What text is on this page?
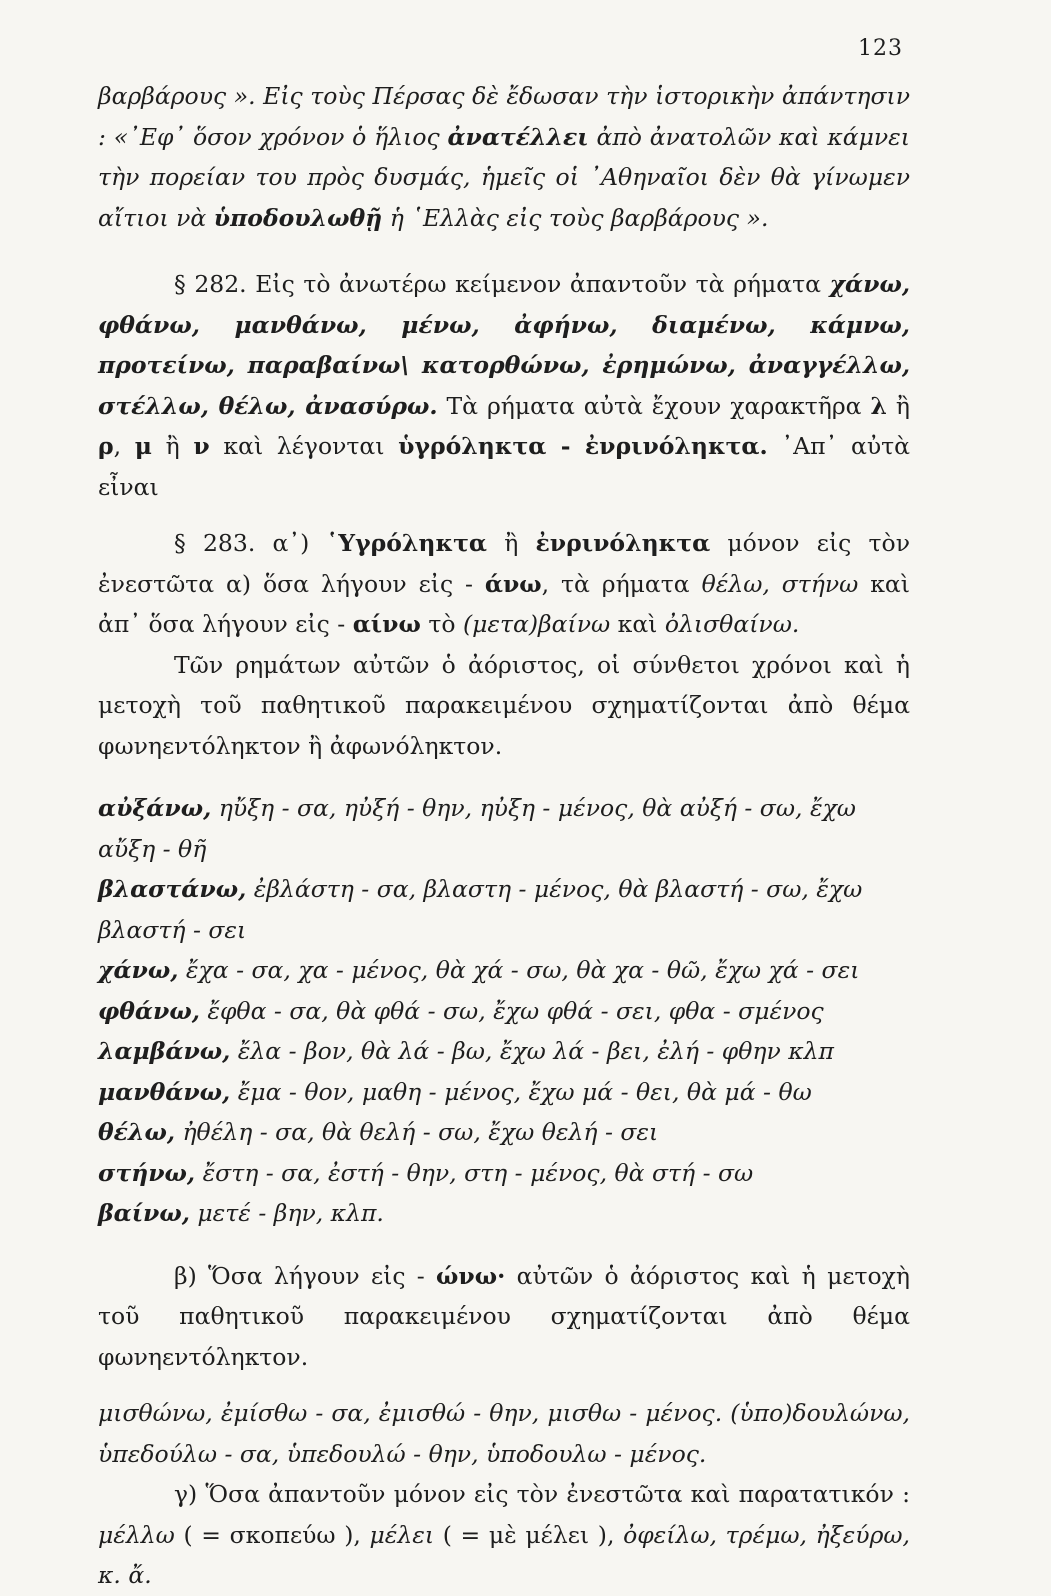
123

βαρβάρους ». Εἰς τοὺς Πέρσας δὲ ἔδωσαν τὴν ἱστορικὴν ἀπάντησιν : «᾿Εφ᾿ ὅσον χρόνον ὁ ἥλιος ἀνατέλλει ἀπὸ ἀνατολῶν καὶ κάμνει τὴν πορείαν του πρὸς δυσμάς, ἡμεῖς οἱ ᾿Αθηναῖοι δὲν θὰ γίνωμεν αἴτιοι νὰ ὑποδουλωθῇ ἡ ῾Ελλὰς εἰς τοὺς βαρβάρους ».

§ 282. Εἰς τὸ ἀνωτέρω κείμενον ἀπαντοῦν τὰ ρήματα χάνω, φθάνω, μανθάνω, μένω, ἀφήνω, διαμένω, κάμνω, προτείνω, παραβαίνω\ κατορθώνω, ἐρημώνω, ἀναγγέλλω, στέλλω, θέλω, ἀνασύρω. Τὰ ρήματα αὐτὰ ἔχουν χαρακτῆρα λ ἢ ρ, μ ἢ ν καὶ λέγονται ὑγρόληκτα - ἐνρινόληκτα. ᾿Απ᾿ αὐτὰ εἶναι

§ 283. α᾿) ῾Υγρόληκτα ἢ ἐνρινόληκτα μόνον εἰς τὸν ἐνεστῶτα α) ὅσα λήγουν εἰς - άνω, τὰ ρήματα θέλω, στήνω καὶ ἀπ᾿ ὅσα λήγουν εἰς - αίνω τὸ (μετα)βαίνω καὶ ὀλισθαίνω.

Τῶν ρημάτων αὐτῶν ὁ ἀόριστος, οἱ σύνθετοι χρόνοι καὶ ἡ μετοχὴ τοῦ παθητικοῦ παρακειμένου σχηματίζονται ἀπὸ θέμα φωνηεντόληκτον ἢ ἀφωνόληκτον.

αὐξάνω, ηὔξη - σα, ηὐξή - θην, ηὐξη - μένος, θὰ αὐξή - σω, ἔχω αὔξη - θῆ

βλαστάνω, ἐβλάστη - σα, βλαστη - μένος, θὰ βλαστή - σω, ἔχω βλαστή - σει

χάνω, ἔχα - σα, χα - μένος, θὰ χά - σω, θὰ χα - θῶ, ἔχω χά - σει

φθάνω, ἔφθα - σα, θὰ φθά - σω, ἔχω φθά - σει, φθα - σμένος

λαμβάνω, ἔλα - βον, θὰ λά - βω, ἔχω λά - βει, ἐλή - φθην κλπ

μανθάνω, ἔμα - θον, μαθη - μένος, ἔχω μά - θει, θὰ μά - θω

θέλω, ἠθέλη - σα, θὰ θελή - σω, ἔχω θελή - σει

στήνω, ἔστη - σα, ἐστή - θην, στη - μένος, θὰ στή - σω

βαίνω, μετέ - βην, κλπ.

β) Ὅσα λήγουν εἰς - ώνω· αὐτῶν ὁ ἀόριστος καὶ ἡ μετοχὴ τοῦ παθητικοῦ παρακειμένου σχηματίζονται ἀπὸ θέμα φωνηεντόληκτον.

μισθώνω, ἐμίσθω - σα, ἐμισθώ - θην, μισθω - μένος. (ὑπο)δουλώνω, ὑπεδούλω - σα, ὑπεδουλώ - θην, ὑποδουλω - μένος.

γ) Ὅσα ἀπαντοῦν μόνον εἰς τὸν ἐνεστῶτα καὶ παρατατικόν : μέλλω ( = σκοπεύω ), μέλει ( = μὲ μέλει ), ὀφείλω, τρέμω, ἠξεύρω, κ. ἄ.
